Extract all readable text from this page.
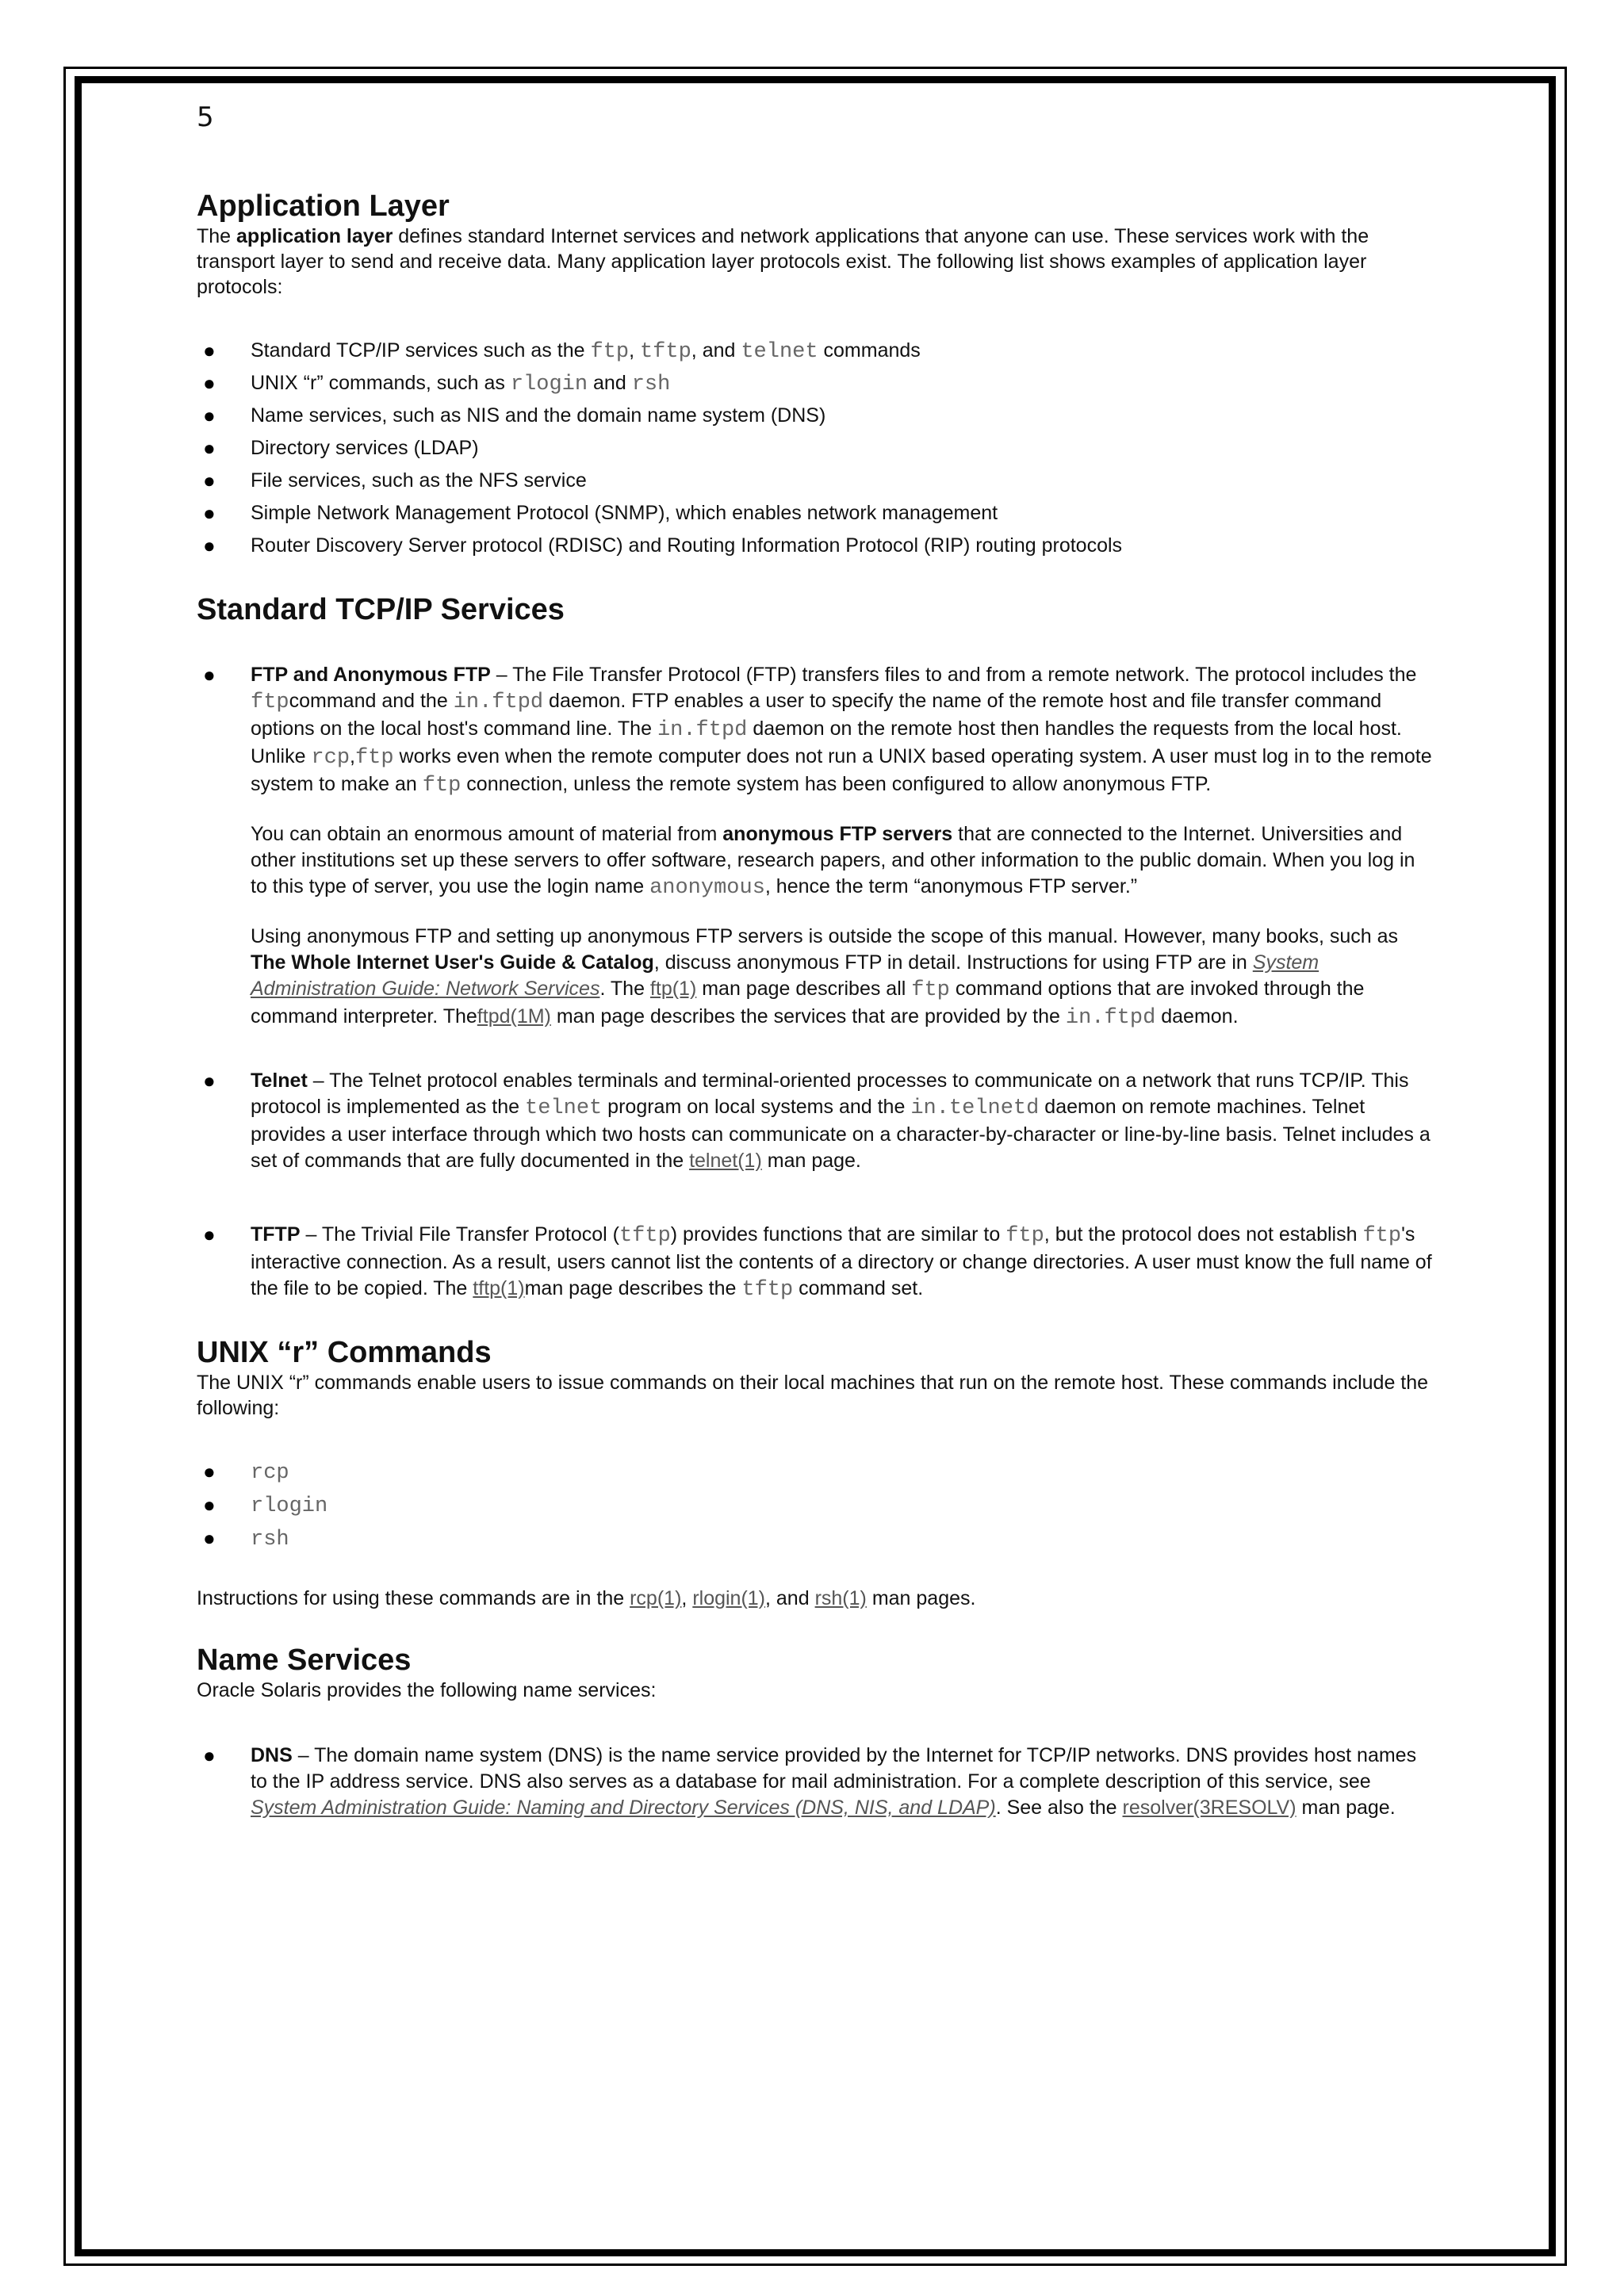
5

Application Layer

The application layer defines standard Internet services and network applications that anyone can use. These services work with the transport layer to send and receive data. Many application layer protocols exist. The following list shows examples of application layer protocols:

● Standard TCP/IP services such as the ftp, tftp, and telnet commands
● UNIX “r” commands, such as rlogin and rsh
● Name services, such as NIS and the domain name system (DNS)
● Directory services (LDAP)
● File services, such as the NFS service
● Simple Network Management Protocol (SNMP), which enables network management
● Router Discovery Server protocol (RDISC) and Routing Information Protocol (RIP) routing protocols
Standard TCP/IP Services
● FTP and Anonymous FTP – The File Transfer Protocol (FTP) transfers files to and from a remote network. The protocol includes the ftpcommand and the in.ftpd daemon. FTP enables a user to specify the name of the remote host and file transfer command options on the local host's command line. The in.ftpd daemon on the remote host then handles the requests from the local host. Unlike rcp,ftp works even when the remote computer does not run a UNIX based operating system. A user must log in to the remote system to make an ftp connection, unless the remote system has been configured to allow anonymous FTP.

You can obtain an enormous amount of material from anonymous FTP servers that are connected to the Internet. Universities and other institutions set up these servers to offer software, research papers, and other information to the public domain. When you log in to this type of server, you use the login name anonymous, hence the term “anonymous FTP server.”

Using anonymous FTP and setting up anonymous FTP servers is outside the scope of this manual. However, many books, such as The Whole Internet User's Guide & Catalog, discuss anonymous FTP in detail. Instructions for using FTP are in System Administration Guide: Network Services. The ftp(1) man page describes all ftp command options that are invoked through the command interpreter. Theftpd(1M) man page describes the services that are provided by the in.ftpd daemon.

● Telnet – The Telnet protocol enables terminals and terminal-oriented processes to communicate on a network that runs TCP/IP. This protocol is implemented as the telnet program on local systems and the in.telnetd daemon on remote machines. Telnet provides a user interface through which two hosts can communicate on a character-by-character or line-by-line basis. Telnet includes a set of commands that are fully documented in the telnet(1) man page.

● TFTP – The Trivial File Transfer Protocol (tftp) provides functions that are similar to ftp, but the protocol does not establish ftp's interactive connection. As a result, users cannot list the contents of a directory or change directories. A user must know the full name of the file to be copied. The tftp(1)man page describes the tftp command set.

UNIX “r” Commands

The UNIX “r” commands enable users to issue commands on their local machines that run on the remote host. These commands include the following:

● rcp
● rlogin
● rsh

Instructions for using these commands are in the rcp(1), rlogin(1), and rsh(1) man pages.

Name Services

Oracle Solaris provides the following name services:

● DNS – The domain name system (DNS) is the name service provided by the Internet for TCP/IP networks. DNS provides host names to the IP address service. DNS also serves as a database for mail administration. For a complete description of this service, see System Administration Guide: Naming and Directory Services (DNS, NIS, and LDAP). See also the resolver(3RESOLV) man page.
